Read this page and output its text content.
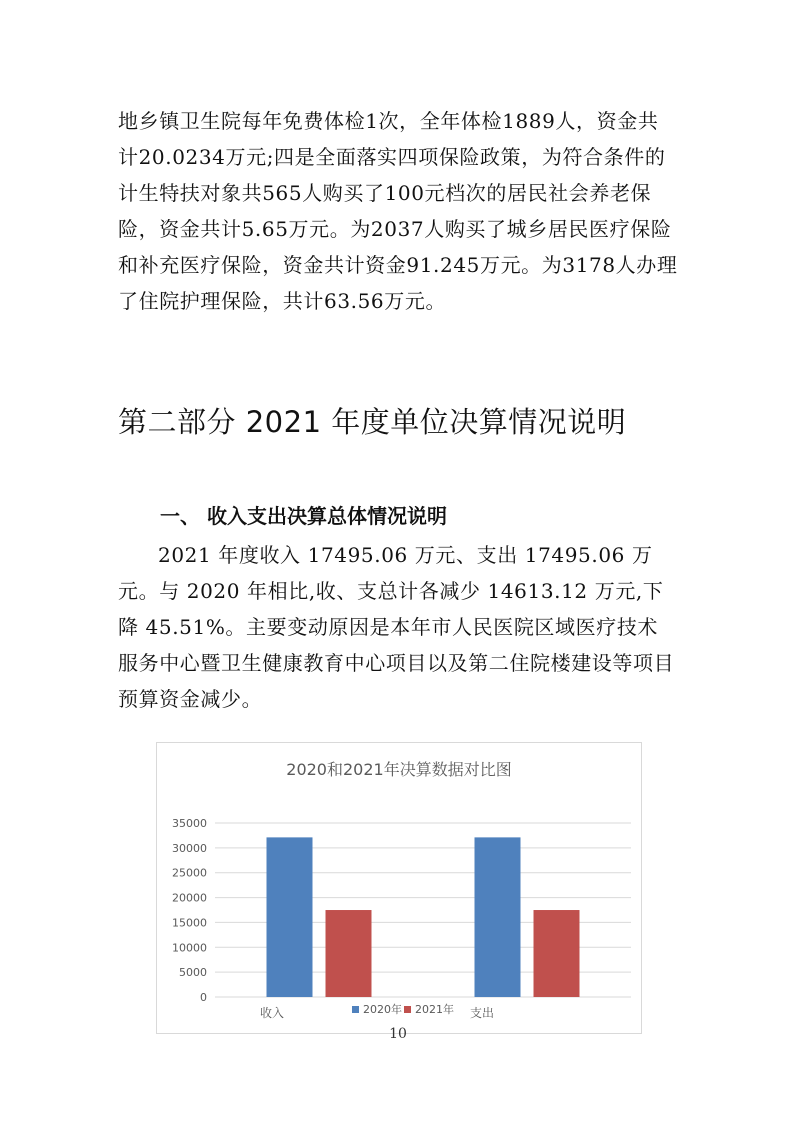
地乡镇卫生院每年免费体检1次，全年体检1889人，资金共计20.0234万元;四是全面落实四项保险政策，为符合条件的计生特扶对象共565人购买了100元档次的居民社会养老保险，资金共计5.65万元。为2037人购买了城乡居民医疗保险和补充医疗保险，资金共计资金91.245万元。为3178人办理了住院护理保险，共计63.56万元。

第二部分 2021 年度单位决算情况说明
一、 收入支出决算总体情况说明

2021 年度收入 17495.06 万元、支出 17495.06 万元。与 2020 年相比,收、支总计各减少 14613.12 万元,下降 45.51%。主要变动原因是本年市人民医院区域医疗技术服务中心暨卫生健康教育中心项目以及第二住院楼建设等项目预算资金减少。

2020和2021年决算数据对比图
0
5000
10000
15000
20000
25000
30000
35000
收入	支出
2020年 2021年
10
